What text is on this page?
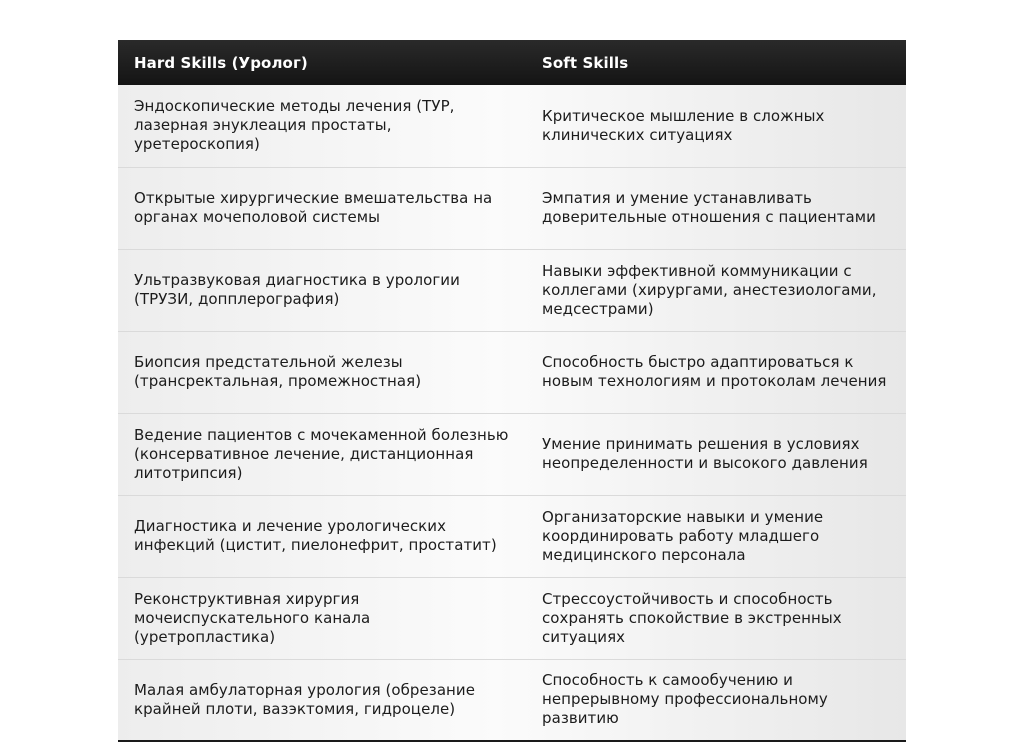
Hard Skills (Уролог)	Soft Skills
Эндоскопические методы лечения (ТУР, лазерная энуклеация простаты, уретероскопия)	Критическое мышление в сложных клинических ситуациях
Открытые хирургические вмешательства на органах мочеполовой системы	Эмпатия и умение устанавливать доверительные отношения с пациентами
Ультразвуковая диагностика в урологии (ТРУЗИ, допплерография)	Навыки эффективной коммуникации с коллегами (хирургами, анестезиологами, медсестрами)
Биопсия предстательной железы (трансректальная, промежностная)	Способность быстро адаптироваться к новым технологиям и протоколам лечения
Ведение пациентов с мочекаменной болезнью (консервативное лечение, дистанционная литотрипсия)	Умение принимать решения в условиях неопределенности и высокого давления
Диагностика и лечение урологических инфекций (цистит, пиелонефрит, простатит)	Организаторские навыки и умение координировать работу младшего медицинского персонала
Реконструктивная хирургия мочеиспускательного канала (уретропластика)	Стрессоустойчивость и способность сохранять спокойствие в экстренных ситуациях
Малая амбулаторная урология (обрезание крайней плоти, вазэктомия, гидроцеле)	Способность к самообучению и непрерывному профессиональному развитию
